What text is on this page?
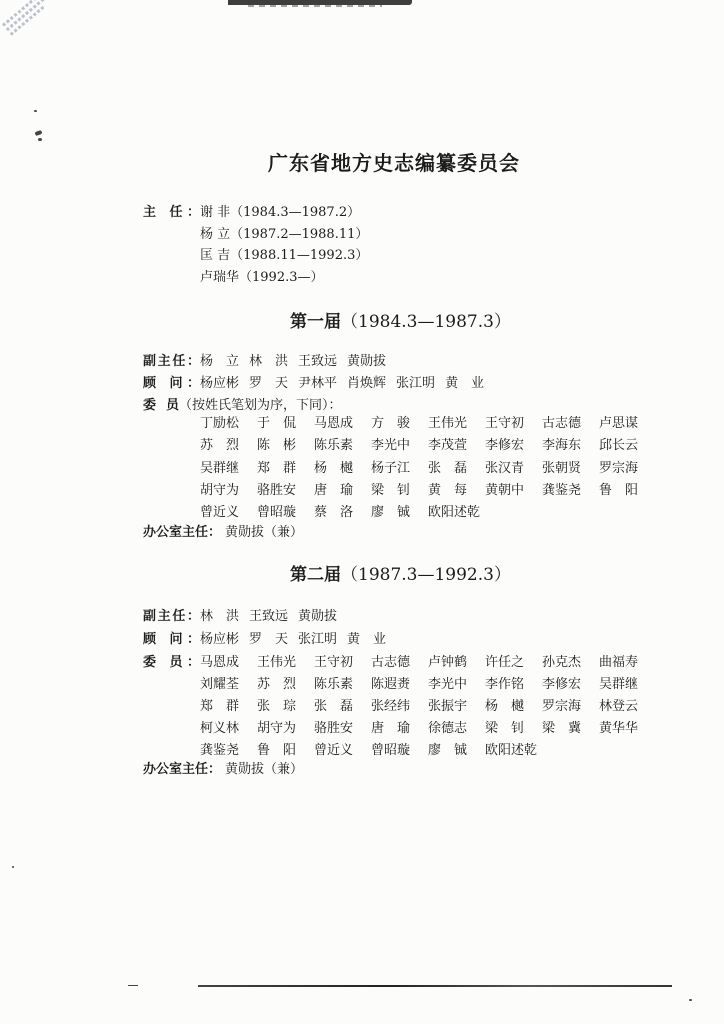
广东省地方史志编纂委员会
主 任： 谢 非（1984.3—1987.2）
杨 立（1987.2—1988.11）
匡 吉（1988.11—1992.3）
卢瑞华（1992.3—）
第一届（1984.3—1987.3）
副主任：杨 立 林 洪 王致远 黄勋拔
顾 问：杨应彬 罗 天 尹林平 肖焕辉 张江明 黄 业
委 员（按姓氏笔划为序，下同）：
丁励松 于 侃 马恩成 方 骏 王伟光 王守初 古志德 卢思谋
苏 烈 陈 彬 陈乐素 李光中 李茂萱 李修宏 李海东 邱长云
吴群继 郑 群 杨 樾 杨子江 张 磊 张汉青 张朝贤 罗宗海
胡守为 骆胜安 唐 瑜 梁 钊 黄 每 黄朝中 龚鉴尧 鲁 阳
曾近义 曾昭璇 蔡 洛 廖 铖 欧阳述乾
办公室主任： 黄勋拔（兼）
第二届（1987.3—1992.3）
副主任：林 洪 王致远 黄勋拔
顾 问：杨应彬 罗 天 张江明 黄 业
委 员： 马恩成 王伟光 王守初 古志德 卢钟鹤 许任之 孙克杰 曲福寿
刘耀荃 苏 烈 陈乐素 陈遐赉 李光中 李作铭 李修宏 吴群继
郑 群 张 琮 张 磊 张经纬 张振宇 杨 樾 罗宗海 林登云
柯义林 胡守为 骆胜安 唐 瑜 徐德志 梁 钊 梁 冀 黄华华
龚鉴尧 鲁 阳 曾近义 曾昭璇 廖 铖 欧阳述乾
办公室主任： 黄勋拔（兼）
